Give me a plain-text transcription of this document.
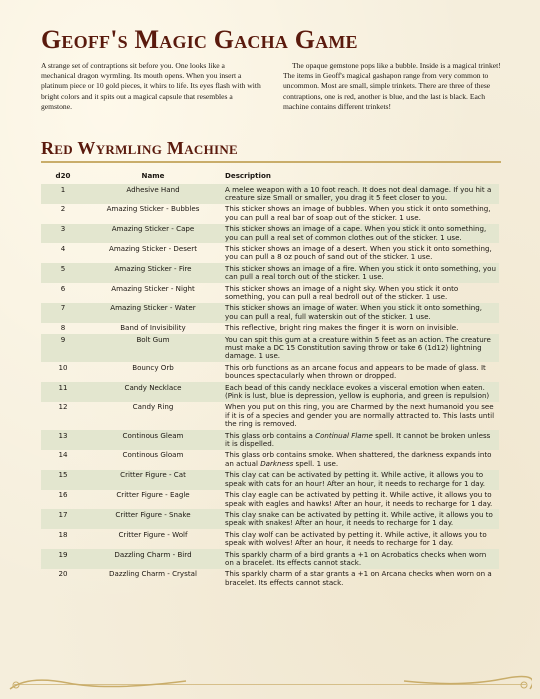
Geoff's Magic Gacha Game

A strange set of contraptions sit before you. One looks like a mechanical dragon wyrmling. Its mouth opens. When you insert a platinum piece or 10 gold pieces, it whirs to life. Its eyes flash with with bright colors and it spits out a magical capsule that resembles a gemstone.

The opaque gemstone pops like a bubble. Inside is a magical trinket! The items in Geoff's magical gashapon range from very common to uncommon. Most are small, simple trinkets. There are three of these contraptions, one is red, another is blue, and the last is black. Each machine contains different trinkets!

Red Wyrmling Machine
d20	Name	Description
1	Adhesive Hand	A melee weapon with a 10 foot reach. It does not deal damage. If you hit a creature size Small or smaller, you drag it 5 feet closer to you.
2	Amazing Sticker - Bubbles	This sticker shows an image of bubbles. When you stick it onto something, you can pull a real bar of soap out of the sticker. 1 use.
3	Amazing Sticker - Cape	This sticker shows an image of a cape. When you stick it onto something, you can pull a real set of common clothes out of the sticker. 1 use.
4	Amazing Sticker - Desert	This sticker shows an image of a desert. When you stick it onto something, you can pull a 8 oz pouch of sand out of the sticker. 1 use.
5	Amazing Sticker - Fire	This sticker shows an image of a fire. When you stick it onto something, you can pull a real torch out of the sticker. 1 use.
6	Amazing Sticker - Night	This sticker shows an image of a night sky. When you stick it onto something, you can pull a real bedroll out of the sticker. 1 use.
7	Amazing Sticker - Water	This sticker shows an image of water. When you stick it onto something, you can pull a real, full waterskin out of the sticker. 1 use.
8	Band of Invisibility	This reflective, bright ring makes the finger it is worn on invisible.
9	Bolt Gum	You can spit this gum at a creature within 5 feet as an action. The creature must make a DC 15 Constitution saving throw or take 6 (1d12) lightning damage. 1 use.
10	Bouncy Orb	This orb functions as an arcane focus and appears to be made of glass. It bounces spectacularly when thrown or dropped.
11	Candy Necklace	Each bead of this candy necklace evokes a visceral emotion when eaten. (Pink is lust, blue is depression, yellow is euphoria, and green is repulsion)
12	Candy Ring	When you put on this ring, you are Charmed by the next humanoid you see if it is of a species and gender you are normally attracted to. This lasts until the ring is removed.
13	Continous Gleam	This glass orb contains a Continual Flame spell. It cannot be broken unless it is dispelled.
14	Continous Gloam	This glass orb contains smoke. When shattered, the darkness expands into an actual Darkness spell. 1 use.
15	Critter Figure - Cat	This clay cat can be activated by petting it. While active, it allows you to speak with cats for an hour! After an hour, it needs to recharge for 1 day.
16	Critter Figure - Eagle	This clay eagle can be activated by petting it. While active, it allows you to speak with eagles and hawks! After an hour, it needs to recharge for 1 day.
17	Critter Figure - Snake	This clay snake can be activated by petting it. While active, it allows you to speak with snakes! After an hour, it needs to recharge for 1 day.
18	Critter Figure - Wolf	This clay wolf can be activated by petting it. While active, it allows you to speak with wolves! After an hour, it needs to recharge for 1 day.
19	Dazzling Charm - Bird	This sparkly charm of a bird grants a +1 on Acrobatics checks when worn on a bracelet. Its effects cannot stack.
20	Dazzling Charm - Crystal	This sparkly charm of a star grants a +1 on Arcana checks when worn on a bracelet. Its effects cannot stack.
